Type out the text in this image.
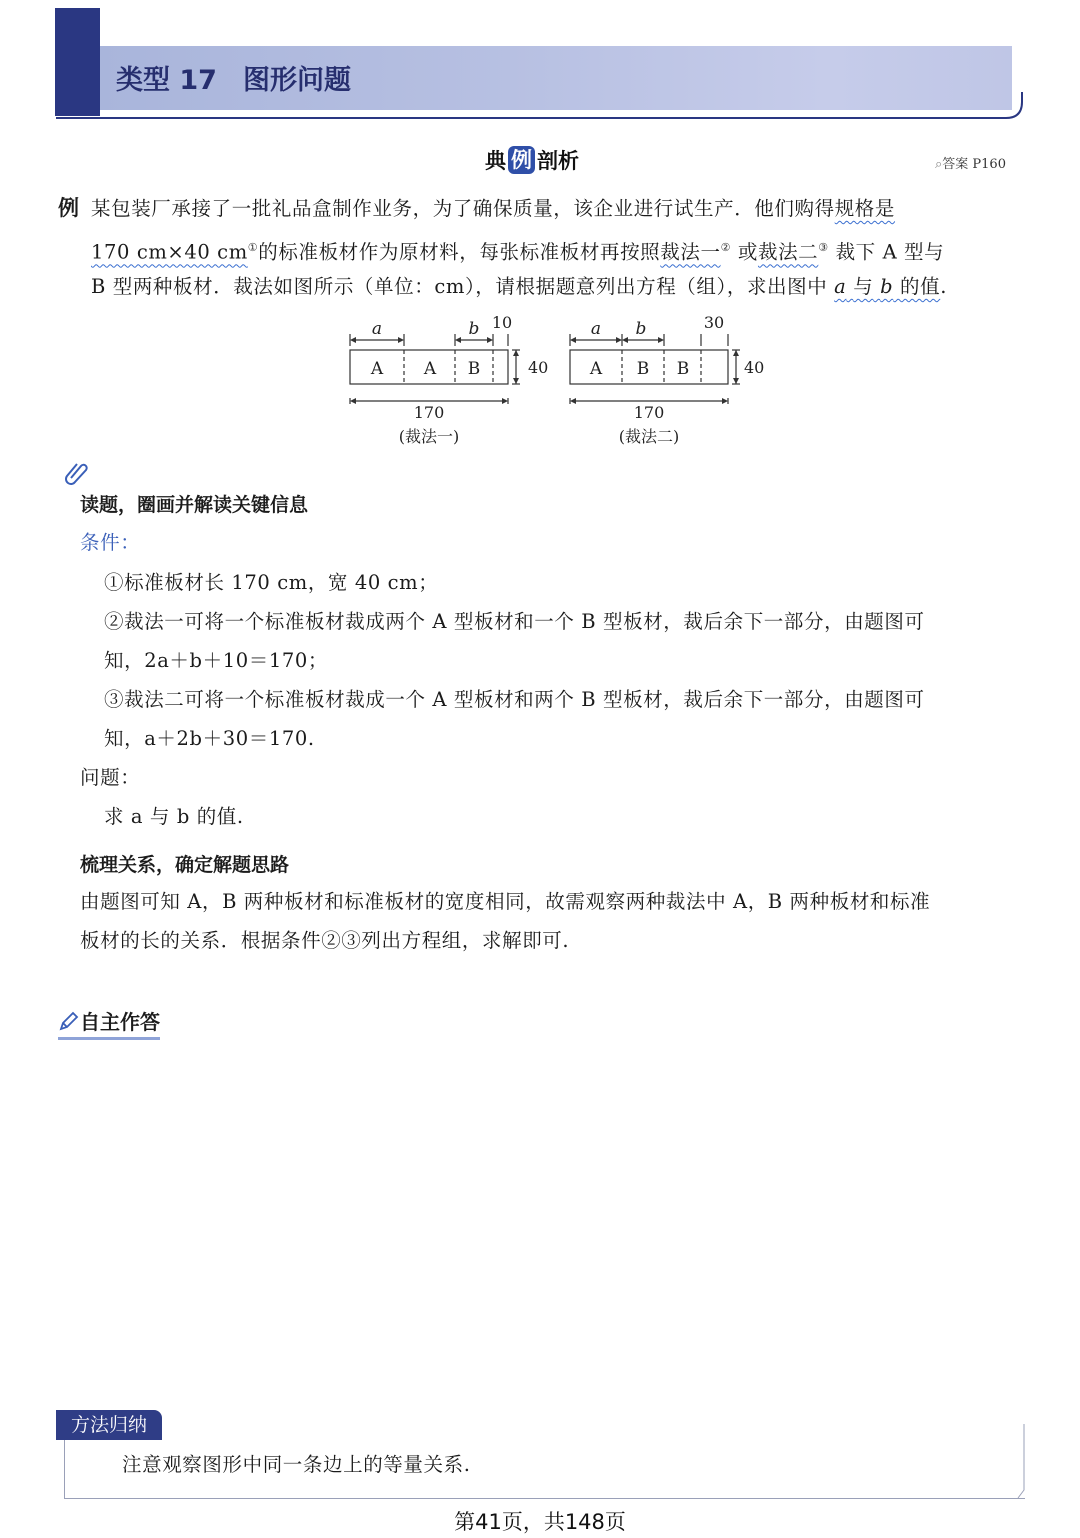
类型 17 图形问题
典 例 剖析	⌕答案 P160
例 某包装厂承接了一批礼品盒制作业务，为了确保质量，该企业进行试生产．他们购得规格是
170 cm×40 cm①的标准板材作为原材料，每张标准板材再按照裁法一② 或裁法二③ 裁下 A 型与
B 型两种板材．裁法如图所示（单位：cm），请根据题意列出方程（组），求出图中 a 与 b 的值.
A A B
a	b 10
40
170
(裁法一)
A B B
a b	30
40
170
(裁法二)
读题，圈画并解读关键信息
条件：
①标准板材长 170 cm，宽 40 cm；
②裁法一可将一个标准板材裁成两个 A 型板材和一个 B 型板材，裁后余下一部分，由题图可
知，2a＋b＋10＝170；
③裁法二可将一个标准板材裁成一个 A 型板材和两个 B 型板材，裁后余下一部分，由题图可
知，a＋2b＋30＝170.
问题：
求 a 与 b 的值.
梳理关系，确定解题思路
由题图可知 A，B 两种板材和标准板材的宽度相同，故需观察两种裁法中 A，B 两种板材和标准
板材的长的关系．根据条件②③列出方程组，求解即可.
自主作答
方法归纳
注意观察图形中同一条边上的等量关系.
第41页，共148页
